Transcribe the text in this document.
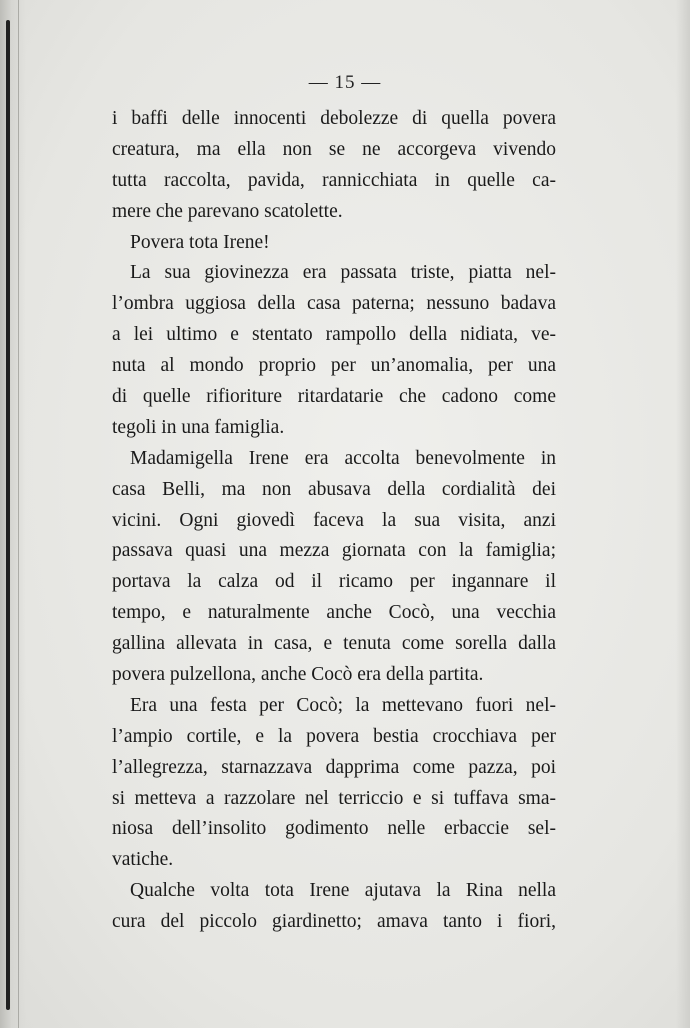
— 15 —
i baffi delle innocenti debolezze di quella povera
creatura, ma ella non se ne accorgeva vivendo
tutta raccolta, pavida, rannicchiata in quelle ca-
mere che parevano scatolette.
Povera tota Irene!
La sua giovinezza era passata triste, piatta nel-
l’ombra uggiosa della casa paterna; nessuno badava
a lei ultimo e stentato rampollo della nidiata, ve-
nuta al mondo proprio per un’anomalia, per una
di quelle rifioriture ritardatarie che cadono come
tegoli in una famiglia.
Madamigella Irene era accolta benevolmente in
casa Belli, ma non abusava della cordialità dei
vicini. Ogni giovedì faceva la sua visita, anzi
passava quasi una mezza giornata con la famiglia;
portava la calza od il ricamo per ingannare il
tempo, e naturalmente anche Cocò, una vecchia
gallina allevata in casa, e tenuta come sorella dalla
povera pulzellona, anche Cocò era della partita.
Era una festa per Cocò; la mettevano fuori nel-
l’ampio cortile, e la povera bestia crocchiava per
l’allegrezza, starnazzava dapprima come pazza, poi
si metteva a razzolare nel terriccio e si tuffava sma-
niosa dell’insolito godimento nelle erbaccie sel-
vatiche.
Qualche volta tota Irene ajutava la Rina nella
cura del piccolo giardinetto; amava tanto i fiori,
